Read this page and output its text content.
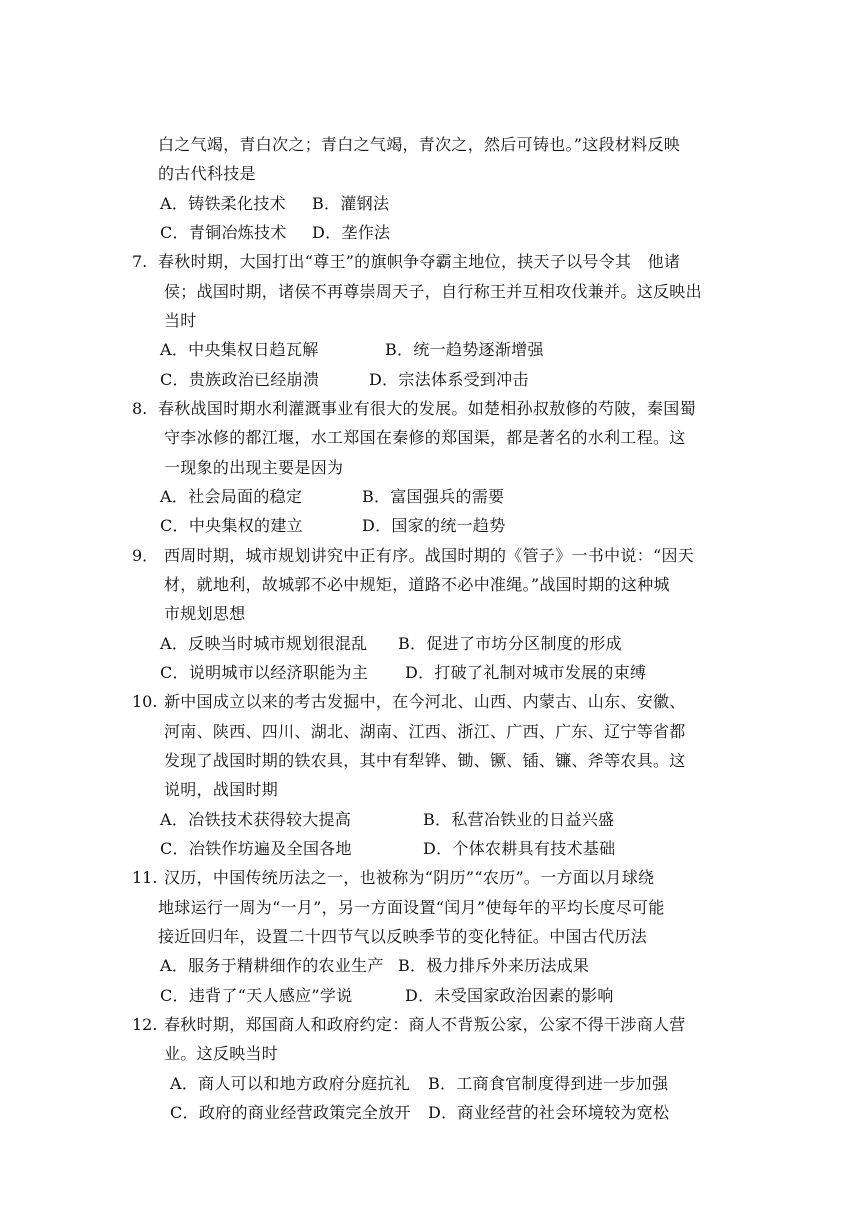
白之气竭，青白次之；青白之气竭，青次之，然后可铸也。”这段材料反映
的古代科技是
A．铸铁柔化技术 B．灌钢法
C．青铜冶炼技术 D．垄作法
7. 春秋时期，大国打出“尊王”的旗帜争夺霸主地位，挟天子以号令其　他诸
侯；战国时期，诸侯不再尊崇周天子，自行称王并互相攻伐兼并。这反映出
当时
A．中央集权日趋瓦解	B．统一趋势逐渐增强
C．贵族政治已经崩溃	D．宗法体系受到冲击
8. 春秋战国时期水利灌溉事业有很大的发展。如楚相孙叔敖修的芍陂，秦国蜀
守李冰修的都江堰，水工郑国在秦修的郑国渠，都是著名的水利工程。这
一现象的出现主要是因为
A．社会局面的稳定	B．富国强兵的需要
C．中央集权的建立	D．国家的统一趋势
9． 西周时期，城市规划讲究中正有序。战国时期的《管子》一书中说：“因天
材，就地利，故城郭不必中规矩，道路不必中准绳。”战国时期的这种城
市规划思想
A．反映当时城市规划很混乱 B．促进了市坊分区制度的形成
C．说明城市以经济职能为主 D．打破了礼制对城市发展的束缚
10. 新中国成立以来的考古发掘中，在今河北、山西、内蒙古、山东、安徽、
河南、陕西、四川、湖北、湖南、江西、浙江、广西、广东、辽宁等省都
发现了战国时期的铁农具，其中有犁铧、锄、镢、锸、镰、斧等农具。这
说明，战国时期
A．冶铁技术获得较大提高	B．私营冶铁业的日益兴盛
C．冶铁作坊遍及全国各地	D．个体农耕具有技术基础
11. 汉历，中国传统历法之一，也被称为“阴历”“农历”。一方面以月球绕
地球运行一周为“一月”，另一方面设置“闰月”使每年的平均长度尽可能
接近回归年，设置二十四节气以反映季节的变化特征。中国古代历法
A．服务于精耕细作的农业生产 B．极力排斥外来历法成果
C．违背了“天人感应”学说	D．未受国家政治因素的影响
12. 春秋时期，郑国商人和政府约定：商人不背叛公家，公家不得干涉商人营
业。这反映当时
A．商人可以和地方政府分庭抗礼 B．工商食官制度得到进一步加强
C．政府的商业经营政策完全放开 D．商业经营的社会环境较为宽松
